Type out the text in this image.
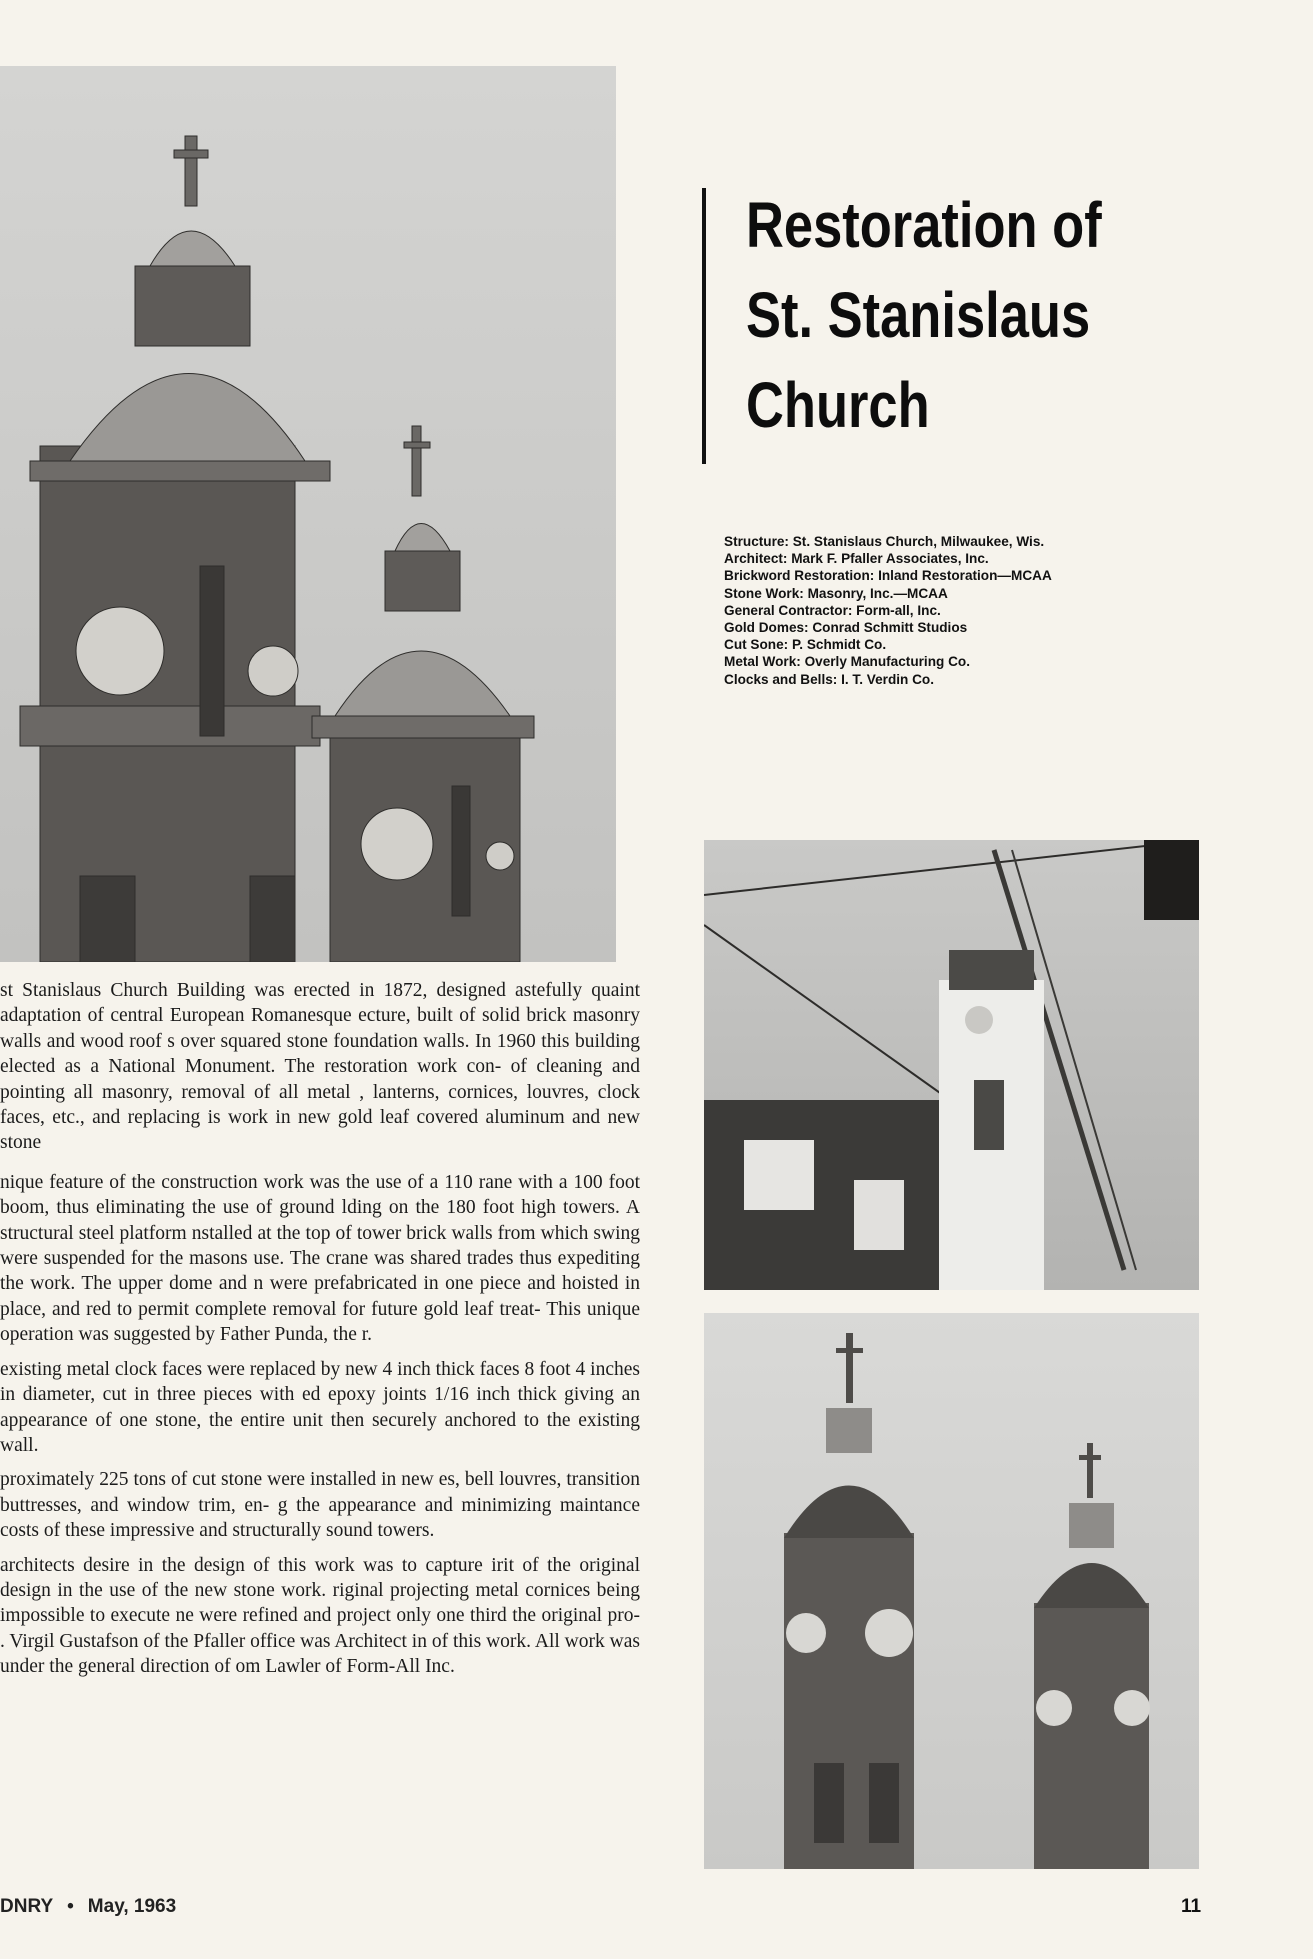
Restoration of
St. Stanislaus
Church
Structure: St. Stanislaus Church, Milwaukee, Wis.
Architect: Mark F. Pfaller Associates, Inc.
Brickword Restoration: Inland Restoration—MCAA
Stone Work: Masonry, Inc.—MCAA
General Contractor: Form-all, Inc.
Gold Domes: Conrad Schmitt Studios
Cut Sone: P. Schmidt Co.
Metal Work: Overly Manufacturing Co.
Clocks and Bells: I. T. Verdin Co.

st Stanislaus Church Building was erected in 1872, designed astefully quaint adaptation of central European Romanesque ecture, built of solid brick masonry walls and wood roof s over squared stone foundation walls. In 1960 this building elected as a National Monument. The restoration work con- of cleaning and pointing all masonry, removal of all metal , lanterns, cornices, louvres, clock faces, etc., and replacing is work in new gold leaf covered aluminum and new stone

nique feature of the construction work was the use of a 110 rane with a 100 foot boom, thus eliminating the use of ground lding on the 180 foot high towers. A structural steel platform nstalled at the top of tower brick walls from which swing were suspended for the masons use. The crane was shared trades thus expediting the work. The upper dome and n were prefabricated in one piece and hoisted in place, and red to permit complete removal for future gold leaf treat- This unique operation was suggested by Father Punda, the r.

existing metal clock faces were replaced by new 4 inch thick faces 8 foot 4 inches in diameter, cut in three pieces with ed epoxy joints 1/16 inch thick giving an appearance of one stone, the entire unit then securely anchored to the existing wall.

proximately 225 tons of cut stone were installed in new es, bell louvres, transition buttresses, and window trim, en- g the appearance and minimizing maintance costs of these impressive and structurally sound towers.

architects desire in the design of this work was to capture irit of the original design in the use of the new stone work. riginal projecting metal cornices being impossible to execute ne were refined and project only one third the original pro- . Virgil Gustafson of the Pfaller office was Architect in of this work. All work was under the general direction of om Lawler of Form-All Inc.

DNRY • May, 1963	11
